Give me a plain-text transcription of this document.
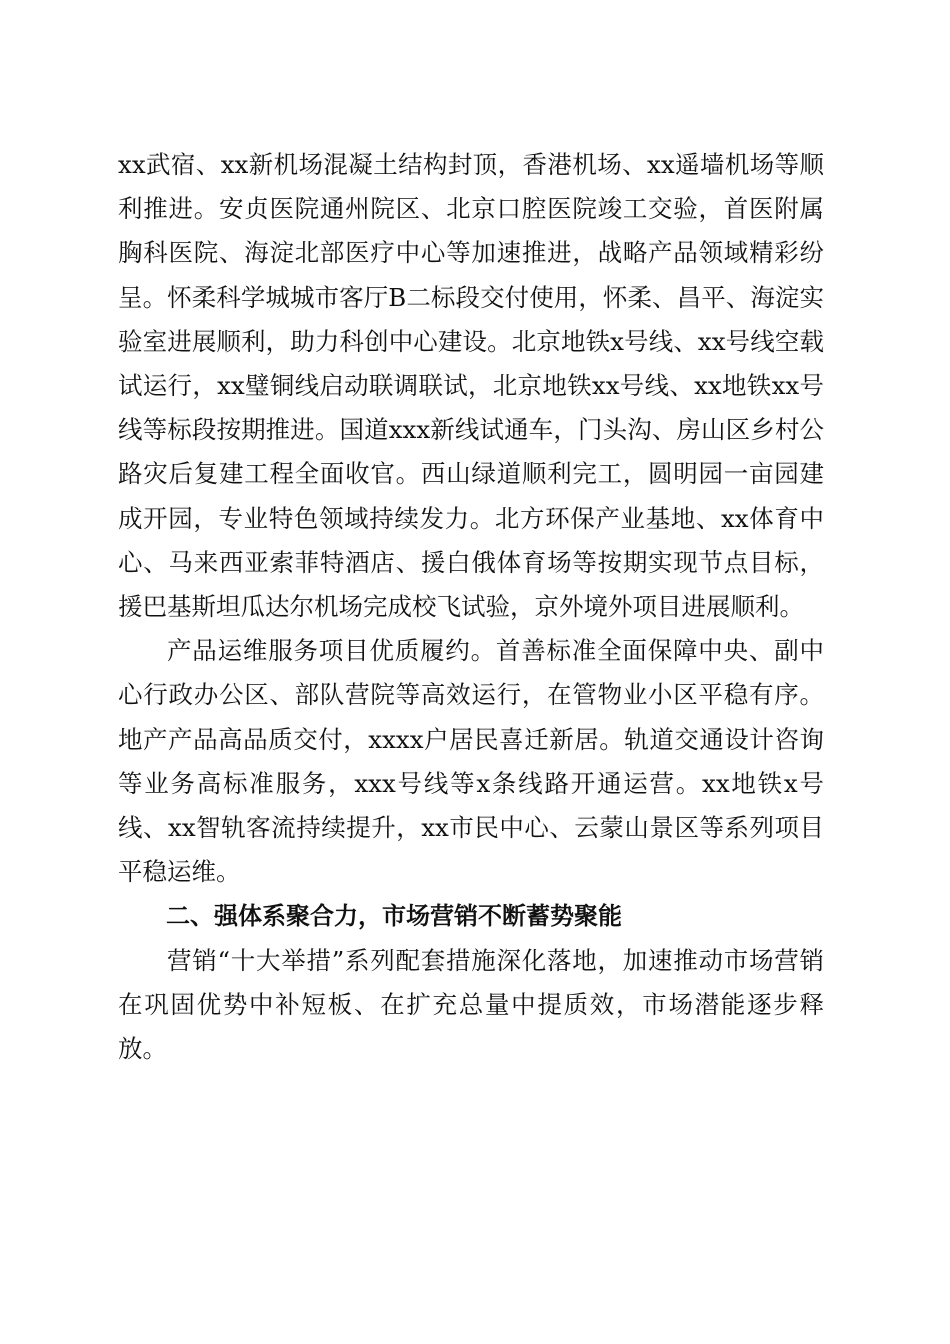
xx武宿、xx新机场混凝土结构封顶，香港机场、xx遥墙机场等顺利推进。安贞医院通州院区、北京口腔医院竣工交验，首医附属胸科医院、海淀北部医疗中心等加速推进，战略产品领域精彩纷呈。怀柔科学城城市客厅B二标段交付使用，怀柔、昌平、海淀实验室进展顺利，助力科创中心建设。北京地铁x号线、xx号线空载试运行，xx璧铜线启动联调联试，北京地铁xx号线、xx地铁xx号线等标段按期推进。国道xxx新线试通车，门头沟、房山区乡村公路灾后复建工程全面收官。西山绿道顺利完工，圆明园一亩园建成开园，专业特色领域持续发力。北方环保产业基地、xx体育中心、马来西亚索菲特酒店、援白俄体育场等按期实现节点目标，援巴基斯坦瓜达尔机场完成校飞试验，京外境外项目进展顺利。

产品运维服务项目优质履约。首善标准全面保障中央、副中心行政办公区、部队营院等高效运行，在管物业小区平稳有序。地产产品高品质交付，xxxx户居民喜迁新居。轨道交通设计咨询等业务高标准服务，xxx号线等x条线路开通运营。xx地铁x号线、xx智轨客流持续提升，xx市民中心、云蒙山景区等系列项目平稳运维。

二、强体系聚合力，市场营销不断蓄势聚能

营销“十大举措”系列配套措施深化落地，加速推动市场营销在巩固优势中补短板、在扩充总量中提质效，市场潜能逐步释放。
